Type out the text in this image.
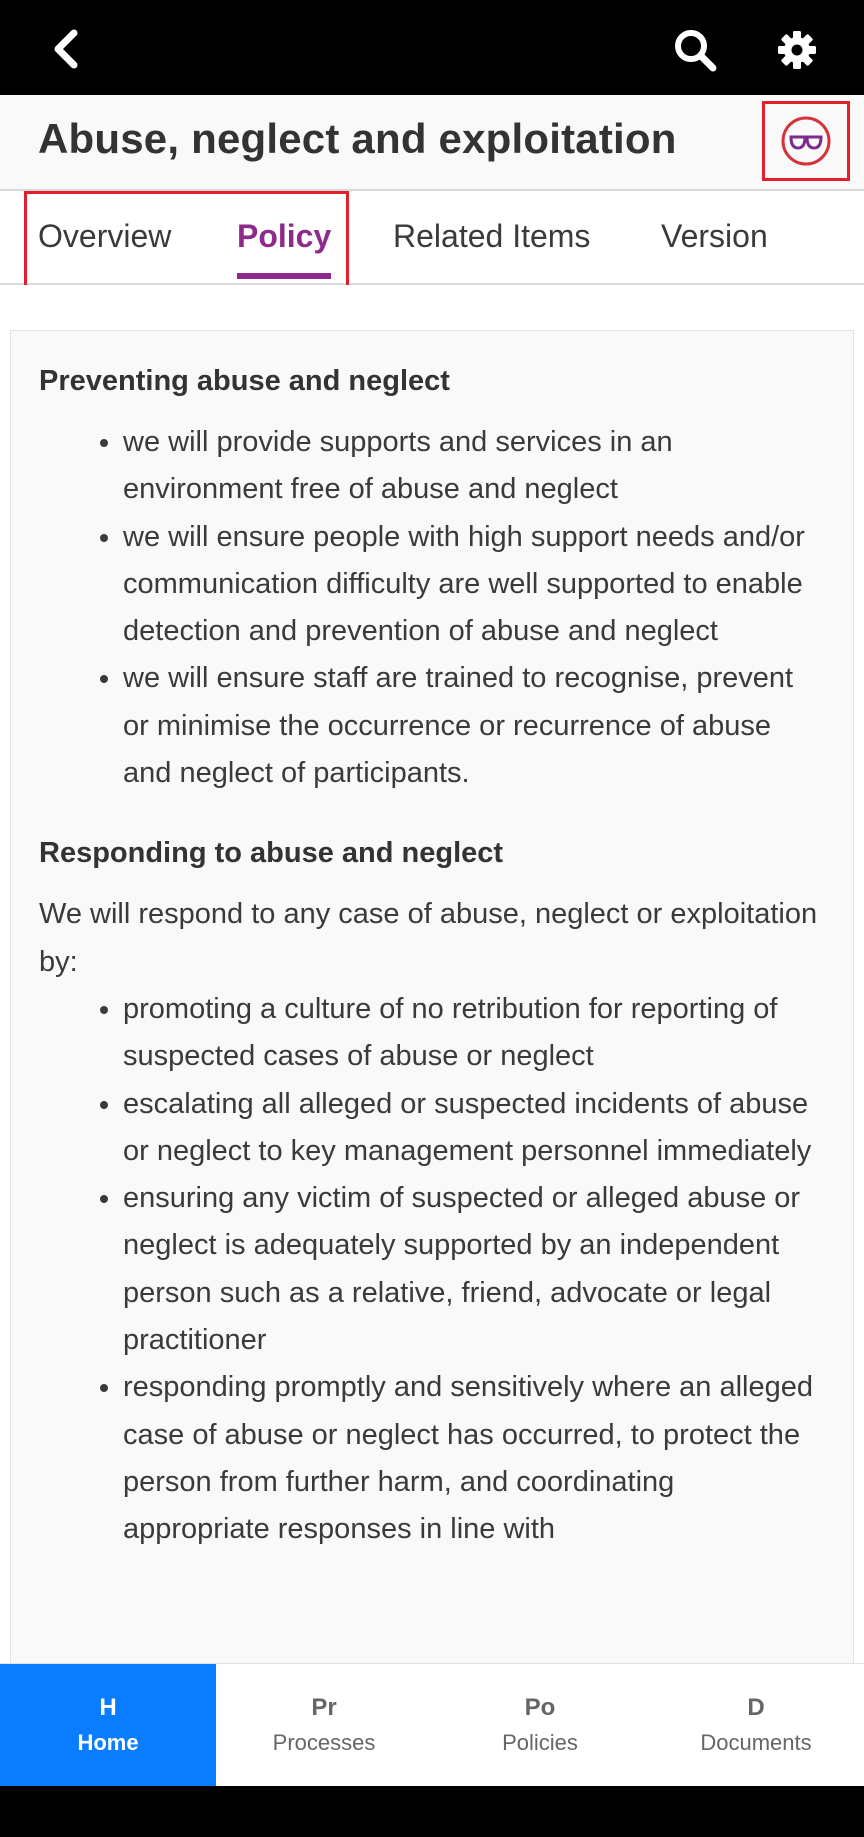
Abuse, neglect and exploitation
Overview Policy Related Items Version
Preventing abuse and neglect
• we will provide supports and services in an environment free of abuse and neglect
• we will ensure people with high support needs and/or communication difficulty are well supported to enable detection and prevention of abuse and neglect
• we will ensure staff are trained to recognise, prevent or minimise the occurrence or recurrence of abuse and neglect of participants.
Responding to abuse and neglect

We will respond to any case of abuse, neglect or exploitation by:

• promoting a culture of no retribution for reporting of suspected cases of abuse or neglect
• escalating all alleged or suspected incidents of abuse or neglect to key management personnel immediately
• ensuring any victim of suspected or alleged abuse or neglect is adequately supported by an independent person such as a relative, friend, advocate or legal practitioner
• responding promptly and sensitively where an alleged case of abuse or neglect has occurred, to protect the person from further harm, and coordinating appropriate responses in line with
H
Home
Pr
Processes
Po
Policies
D
Documents
